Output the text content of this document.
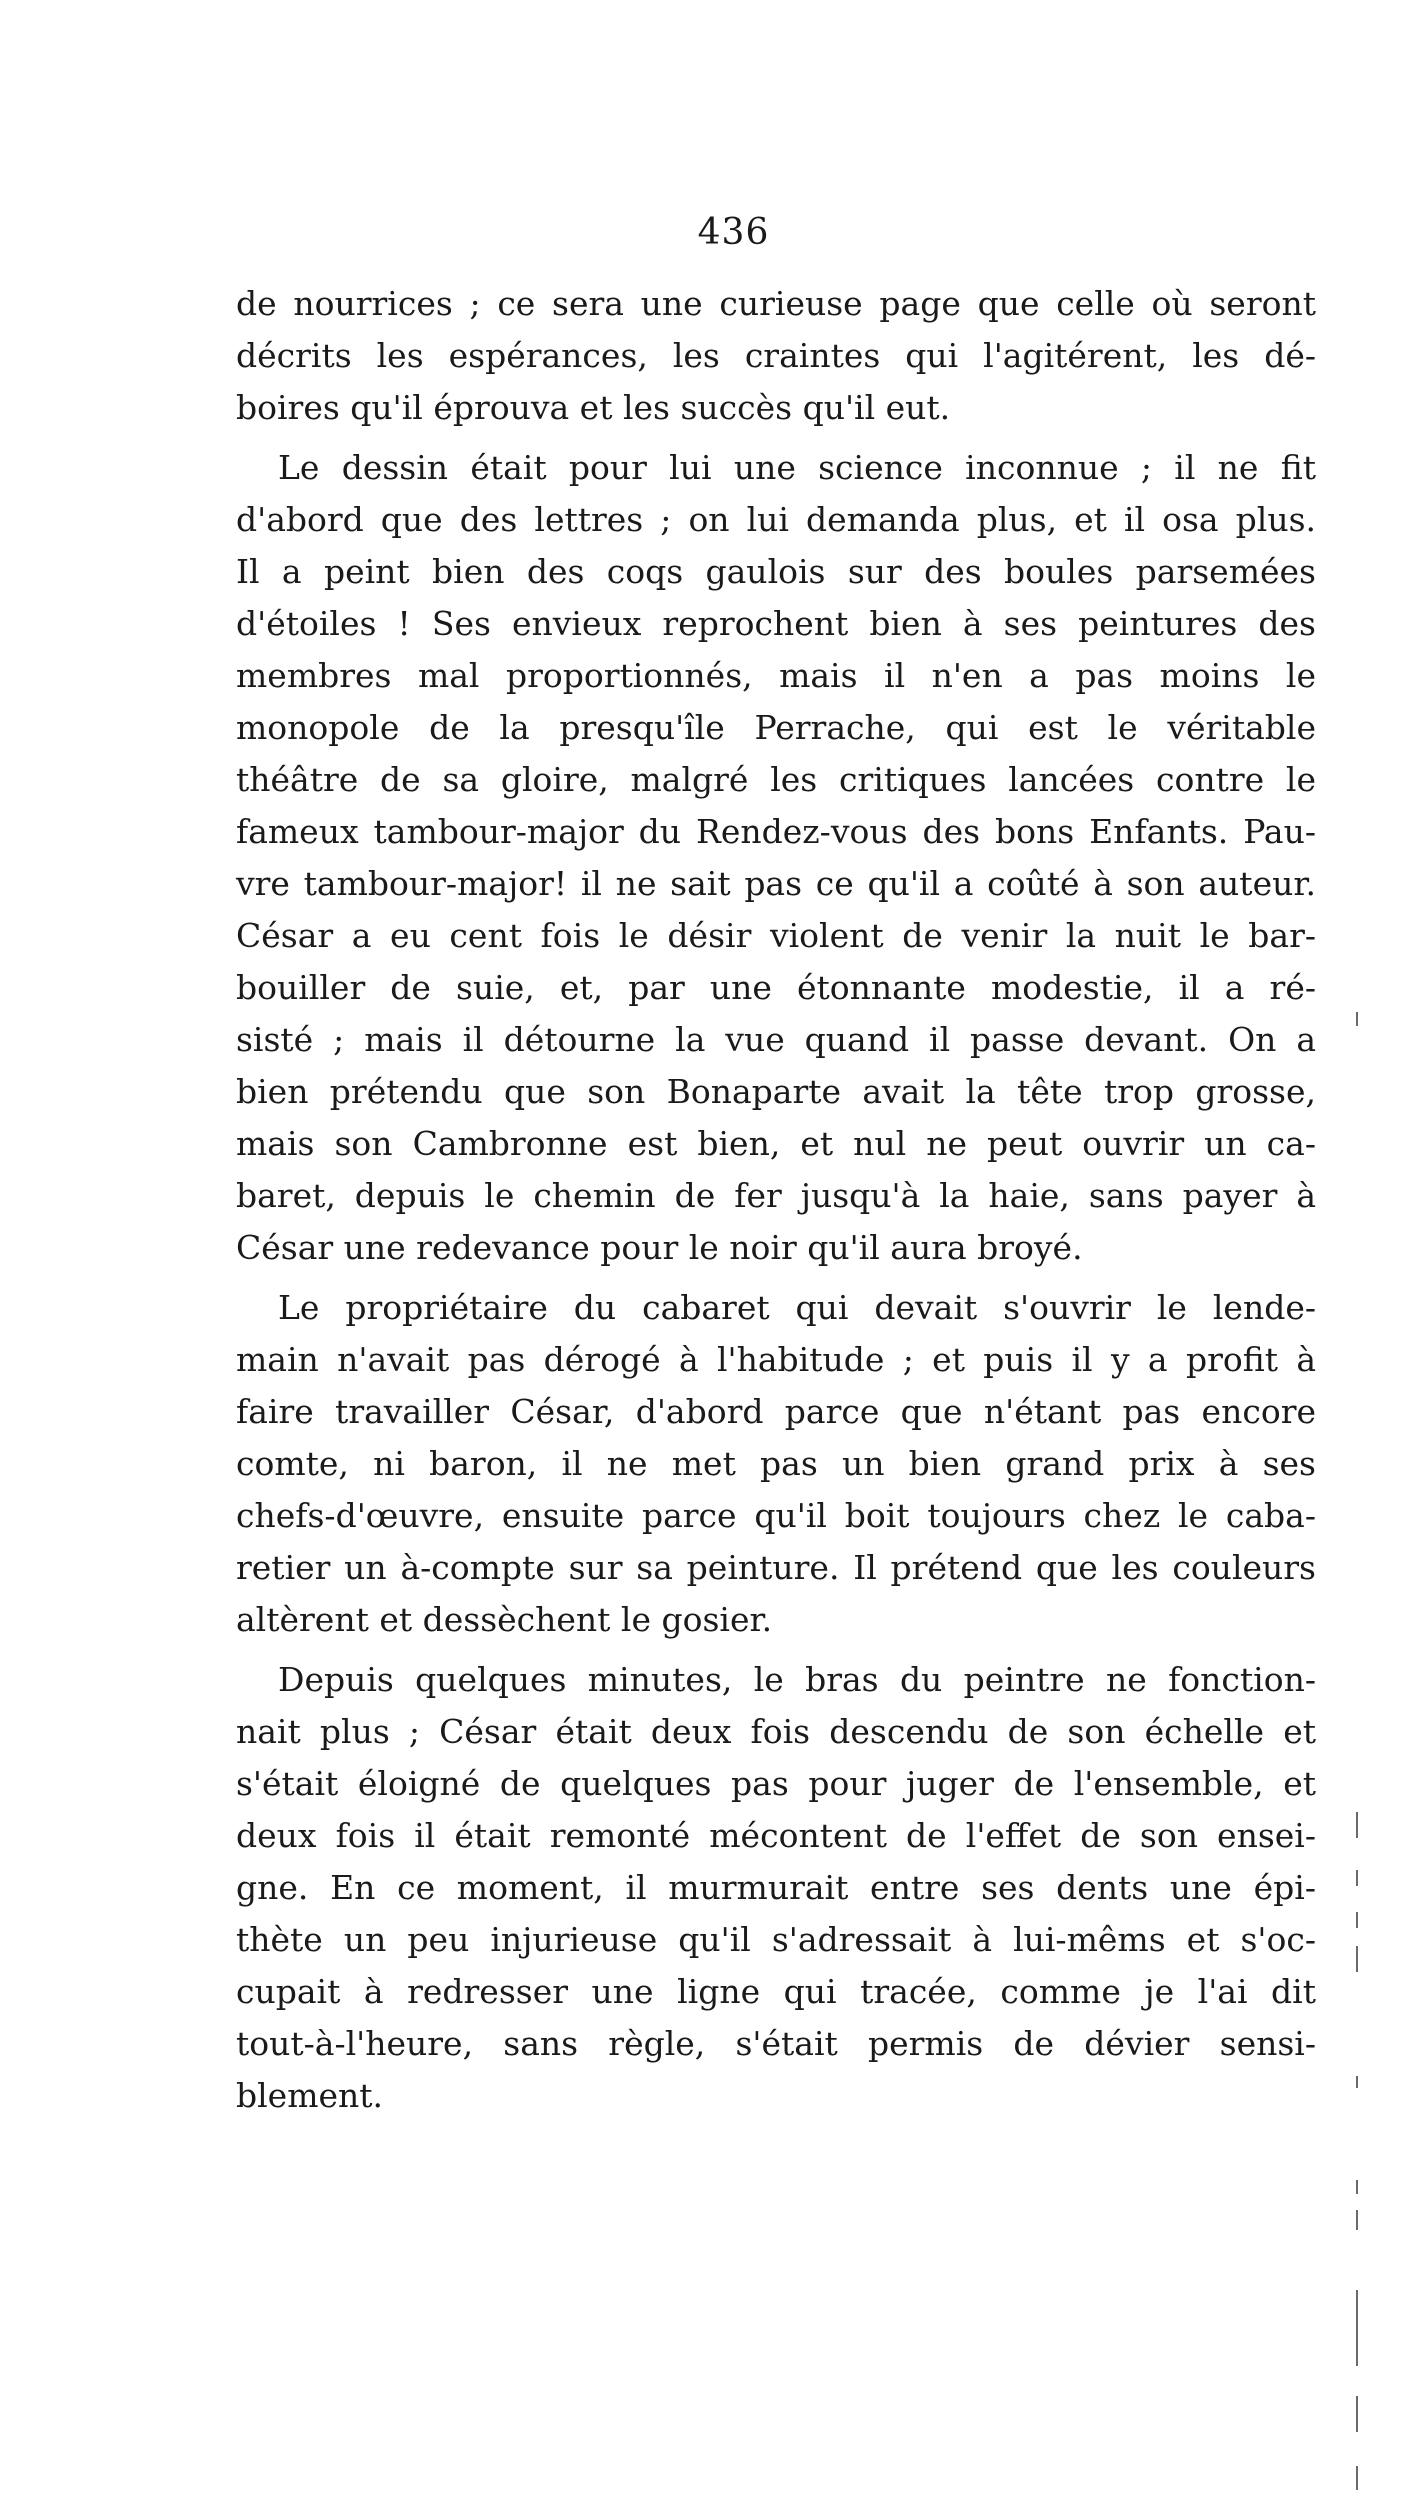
436
de nourrices ; ce sera une curieuse page que celle où seront
décrits les espérances, les craintes qui l'agitérent, les dé-
boires qu'il éprouva et les succès qu'il eut.
Le dessin était pour lui une science inconnue ; il ne fit
d'abord que des lettres ; on lui demanda plus, et il osa plus.
Il a peint bien des coqs gaulois sur des boules parsemées
d'étoiles ! Ses envieux reprochent bien à ses peintures des
membres mal proportionnés, mais il n'en a pas moins le
monopole de la presqu'île Perrache, qui est le véritable
théâtre de sa gloire, malgré les critiques lancées contre le
fameux tambour-major du Rendez-vous des bons Enfants. Pau-
vre tambour-major! il ne sait pas ce qu'il a coûté à son auteur.
César a eu cent fois le désir violent de venir la nuit le bar-
bouiller de suie, et, par une étonnante modestie, il a ré-
sisté ; mais il détourne la vue quand il passe devant. On a
bien prétendu que son Bonaparte avait la tête trop grosse,
mais son Cambronne est bien, et nul ne peut ouvrir un ca-
baret, depuis le chemin de fer jusqu'à la haie, sans payer à
César une redevance pour le noir qu'il aura broyé.
Le propriétaire du cabaret qui devait s'ouvrir le lende-
main n'avait pas dérogé à l'habitude ; et puis il y a profit à
faire travailler César, d'abord parce que n'étant pas encore
comte, ni baron, il ne met pas un bien grand prix à ses
chefs-d'œuvre, ensuite parce qu'il boit toujours chez le caba-
retier un à-compte sur sa peinture. Il prétend que les couleurs
altèrent et dessèchent le gosier.
Depuis quelques minutes, le bras du peintre ne fonction-
nait plus ; César était deux fois descendu de son échelle et
s'était éloigné de quelques pas pour juger de l'ensemble, et
deux fois il était remonté mécontent de l'effet de son ensei-
gne. En ce moment, il murmurait entre ses dents une épi-
thète un peu injurieuse qu'il s'adressait à lui-mêms et s'oc-
cupait à redresser une ligne qui tracée, comme je l'ai dit
tout-à-l'heure, sans règle, s'était permis de dévier sensi-
blement.
